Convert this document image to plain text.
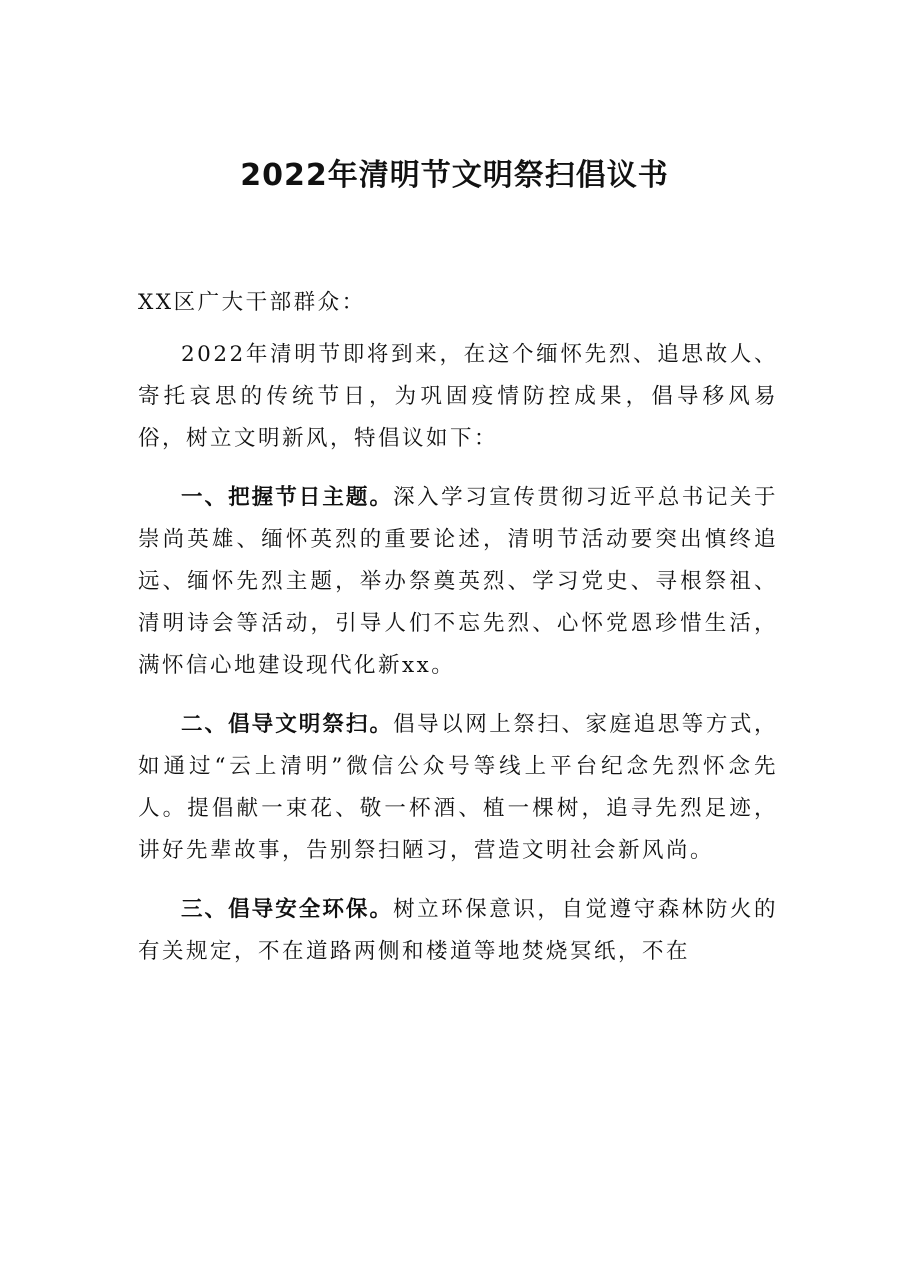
2022年清明节文明祭扫倡议书

XX区广大干部群众：

2022年清明节即将到来，在这个缅怀先烈、追思故人、寄托哀思的传统节日，为巩固疫情防控成果，倡导移风易俗，树立文明新风，特倡议如下：

一、把握节日主题。深入学习宣传贯彻习近平总书记关于崇尚英雄、缅怀英烈的重要论述，清明节活动要突出慎终追远、缅怀先烈主题，举办祭奠英烈、学习党史、寻根祭祖、清明诗会等活动，引导人们不忘先烈、心怀党恩珍惜生活，满怀信心地建设现代化新xx。

二、倡导文明祭扫。倡导以网上祭扫、家庭追思等方式，如通过“云上清明”微信公众号等线上平台纪念先烈怀念先人。提倡献一束花、敬一杯酒、植一棵树，追寻先烈足迹，讲好先辈故事，告别祭扫陋习，营造文明社会新风尚。

三、倡导安全环保。树立环保意识，自觉遵守森林防火的有关规定，不在道路两侧和楼道等地焚烧冥纸，不在
